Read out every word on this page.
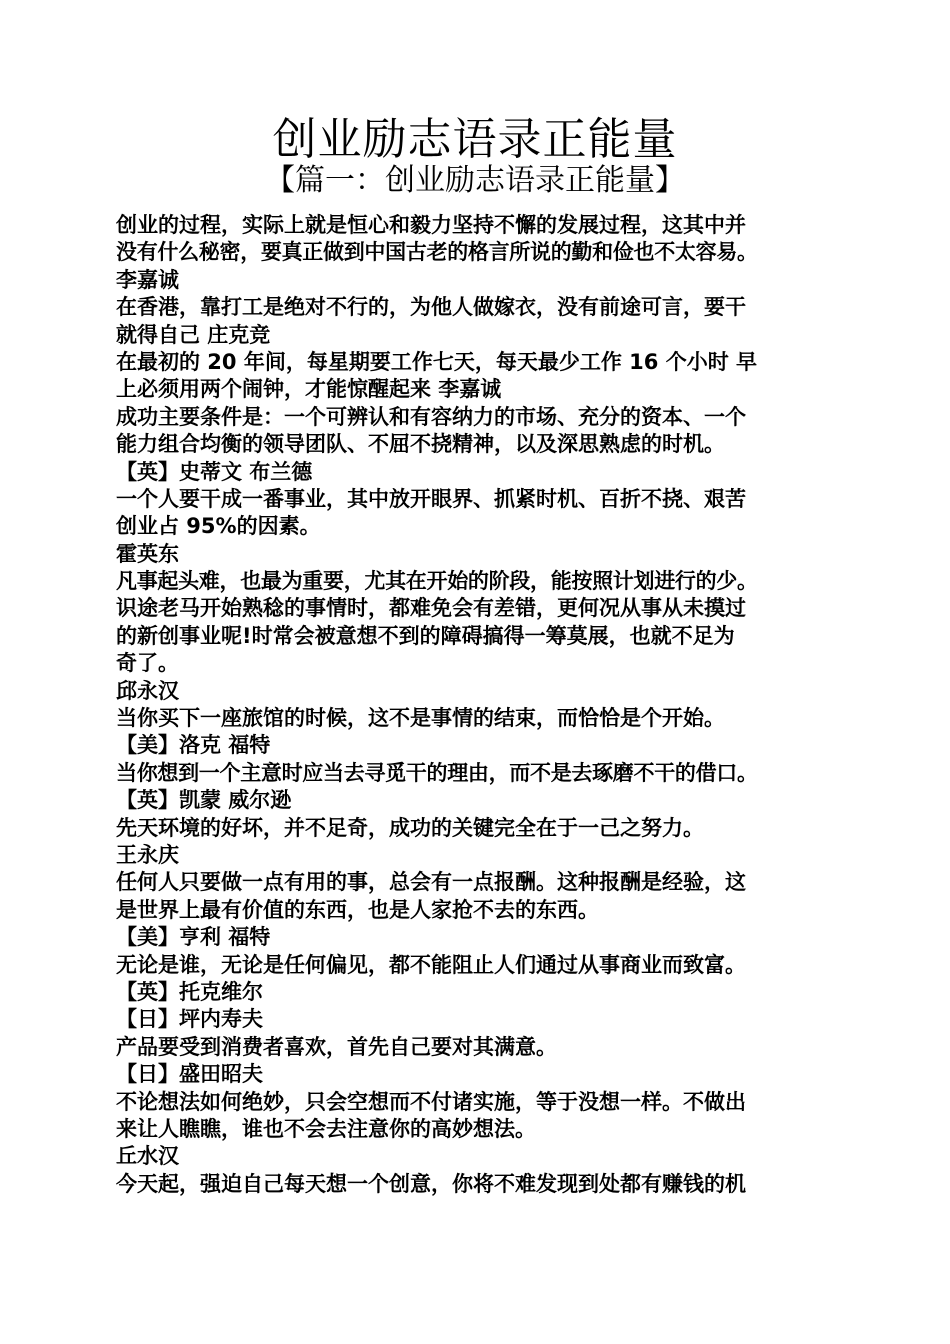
创业励志语录正能量
【篇一：创业励志语录正能量】
创业的过程，实际上就是恒心和毅力坚持不懈的发展过程，这其中并
没有什么秘密，要真正做到中国古老的格言所说的勤和俭也不太容易。
李嘉诚
在香港，靠打工是绝对不行的，为他人做嫁衣，没有前途可言，要干
就得自己 庄克竞
在最初的 20 年间，每星期要工作七天，每天最少工作 16 个小时 早
上必须用两个闹钟，才能惊醒起来 李嘉诚
成功主要条件是：一个可辨认和有容纳力的市场、充分的资本、一个
能力组合均衡的领导团队、不屈不挠精神，以及深思熟虑的时机。
【英】史蒂文 布兰德
一个人要干成一番事业，其中放开眼界、抓紧时机、百折不挠、艰苦
创业占 95%的因素。
霍英东
凡事起头难，也最为重要，尤其在开始的阶段，能按照计划进行的少。
识途老马开始熟稔的事情时，都难免会有差错，更何况从事从未摸过
的新创事业呢!时常会被意想不到的障碍搞得一筹莫展，也就不足为
奇了。
邱永汉
当你买下一座旅馆的时候，这不是事情的结束，而恰恰是个开始。
【美】洛克 福特
当你想到一个主意时应当去寻觅干的理由，而不是去琢磨不干的借口。
【英】凯蒙 威尔逊
先天环境的好坏，并不足奇，成功的关键完全在于一己之努力。
王永庆
任何人只要做一点有用的事，总会有一点报酬。这种报酬是经验，这
是世界上最有价值的东西，也是人家抢不去的东西。
【美】亨利 福特
无论是谁，无论是任何偏见，都不能阻止人们通过从事商业而致富。
【英】托克维尔
【日】坪内寿夫
产品要受到消费者喜欢，首先自己要对其满意。
【日】盛田昭夫
不论想法如何绝妙，只会空想而不付诸实施，等于没想一样。不做出
来让人瞧瞧，谁也不会去注意你的高妙想法。
丘水汉
今天起，强迫自己每天想一个创意，你将不难发现到处都有赚钱的机
